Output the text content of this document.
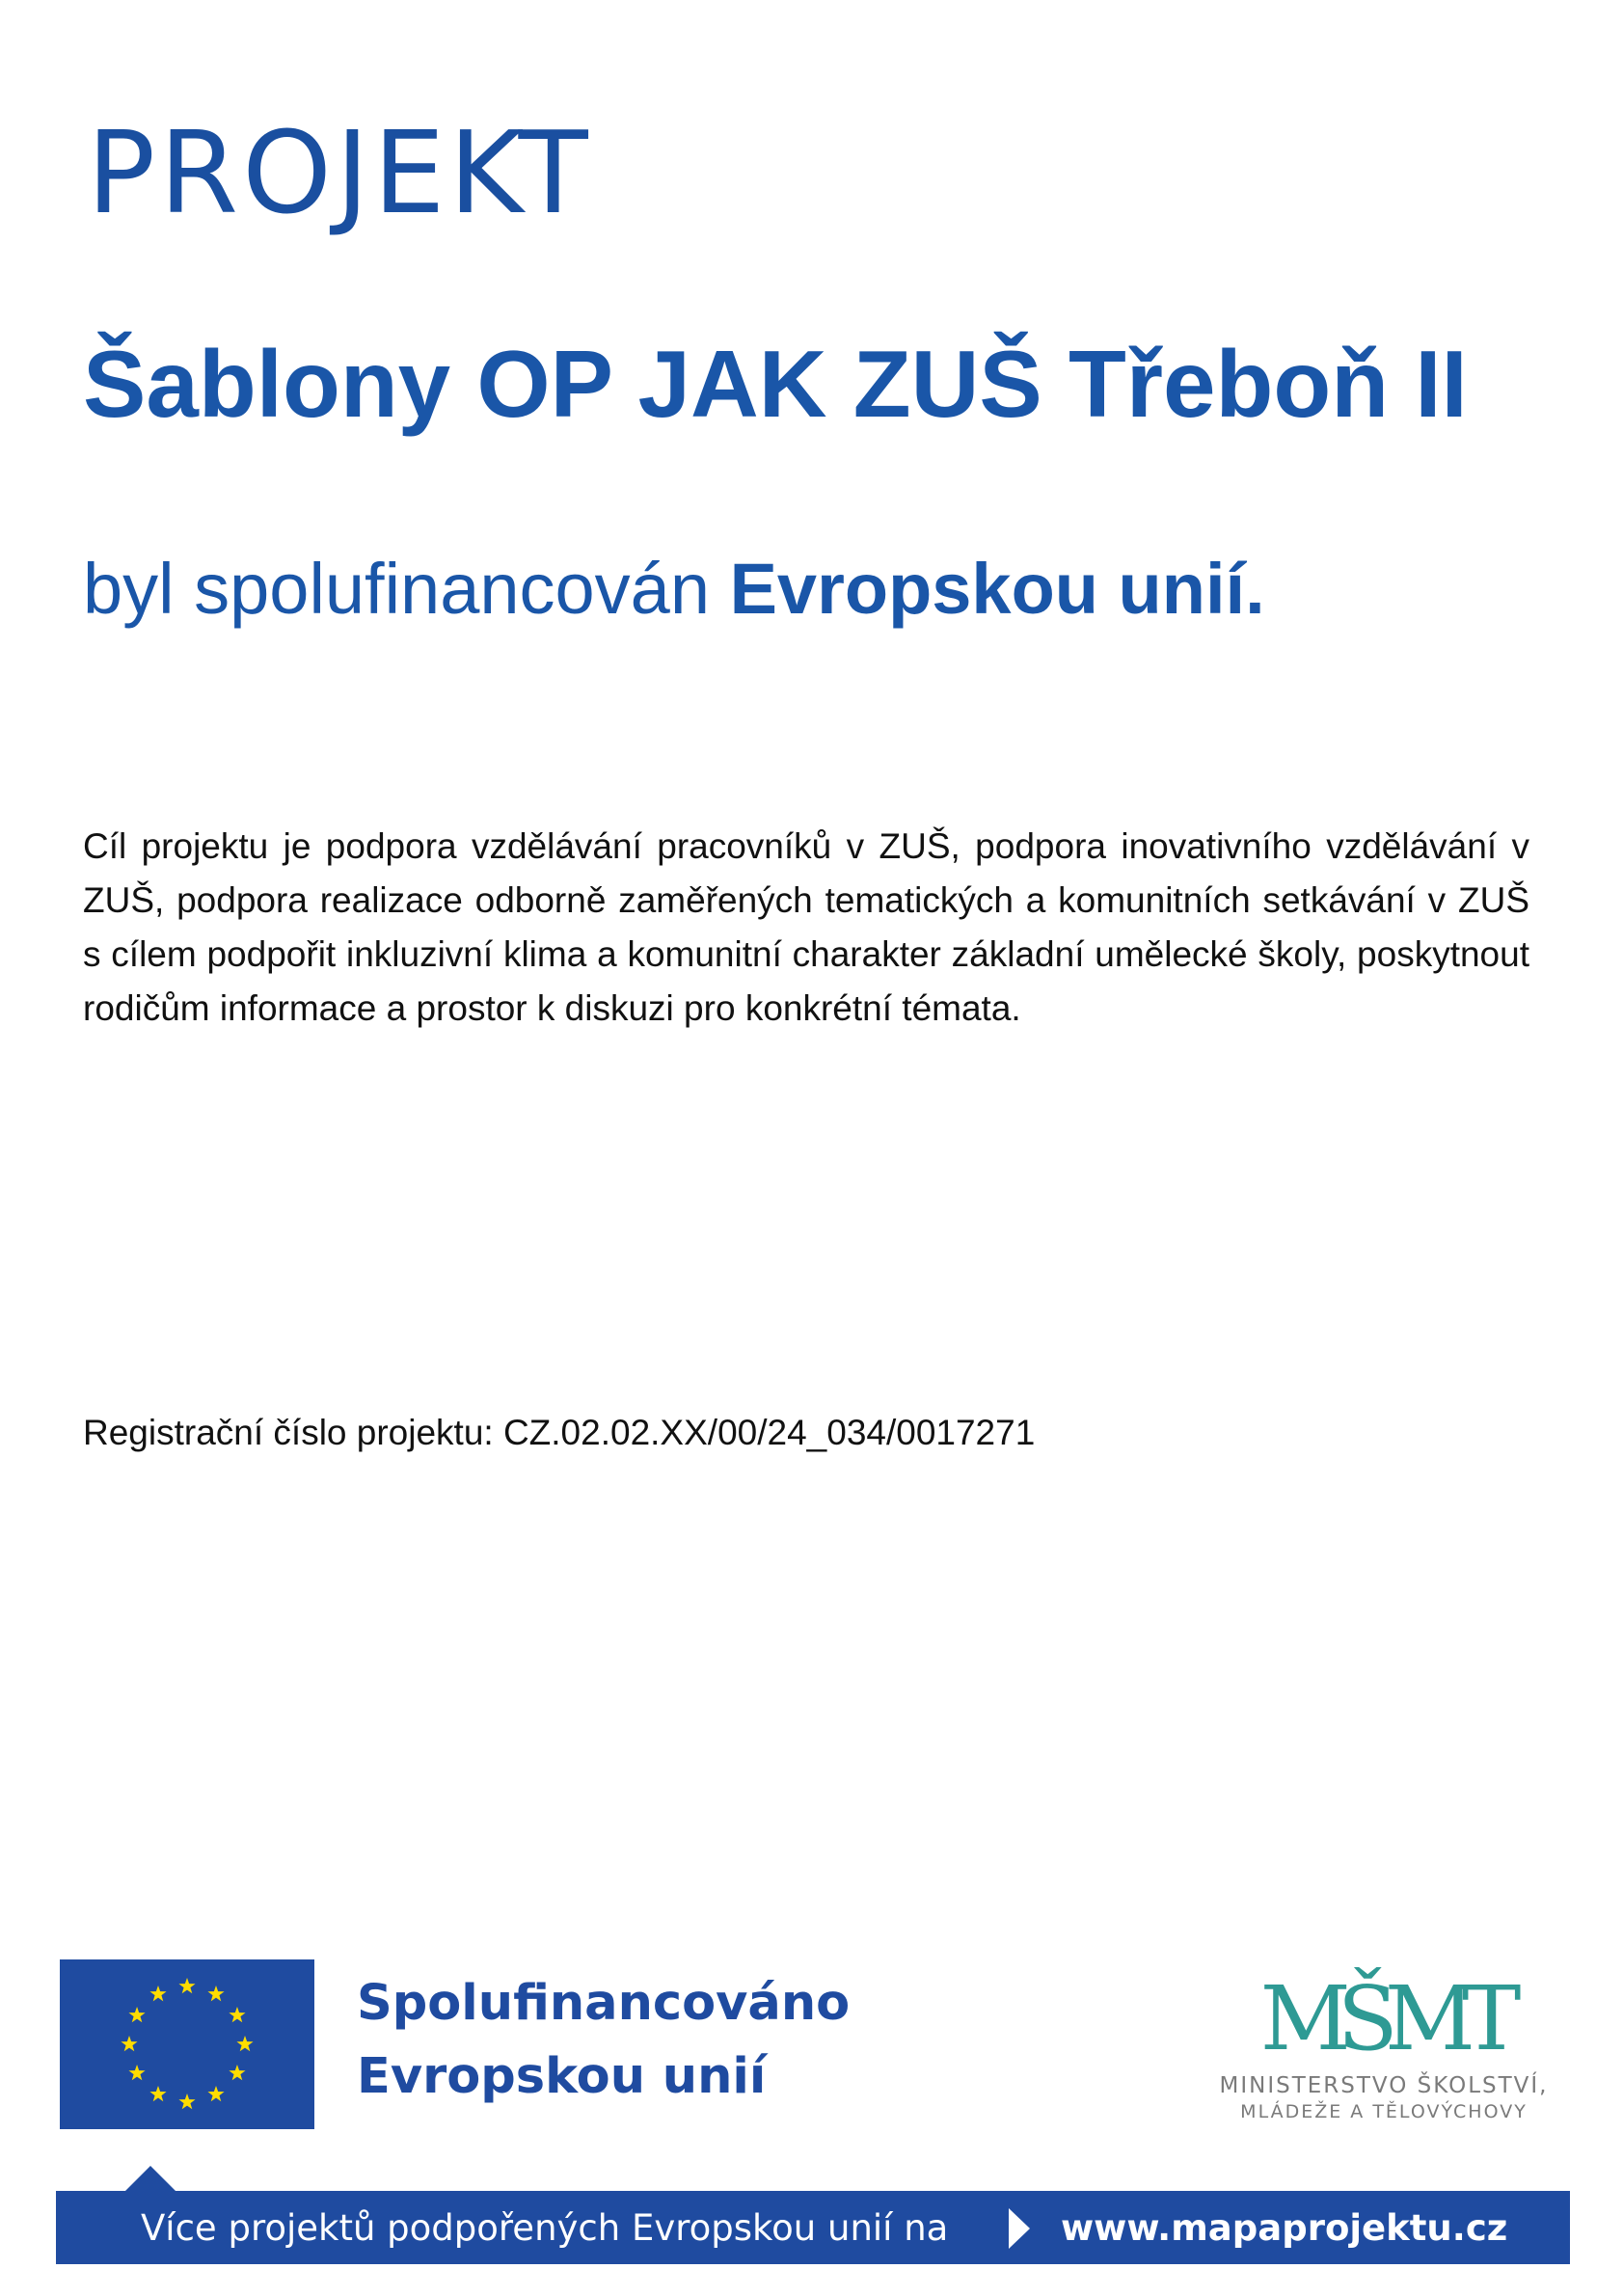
PROJEKT
Šablony OP JAK ZUŠ Třeboň II

byl spolufinancován Evropskou unií.

Cíl projektu je podpora vzdělávání pracovníků v ZUŠ, podpora inovativního vzdělávání v ZUŠ, podpora realizace odborně zaměřených tematických a komunitních setkávání v ZUŠ s cílem podpořit inkluzivní klima a komunitní charakter základní umělecké školy, poskytnout rodičům informace a prostor k diskuzi pro konkrétní témata.

Registrační číslo projektu: CZ.02.02.XX/00/24_034/0017271

Spolufinancováno
Evropskou unií
MŠMT
MINISTERSTVO ŠKOLSTVÍ,
MLÁDEŽE A TĚLOVÝCHOVY

Více projektů podpořených Evropskou unií na	www.mapaprojektu.cz
